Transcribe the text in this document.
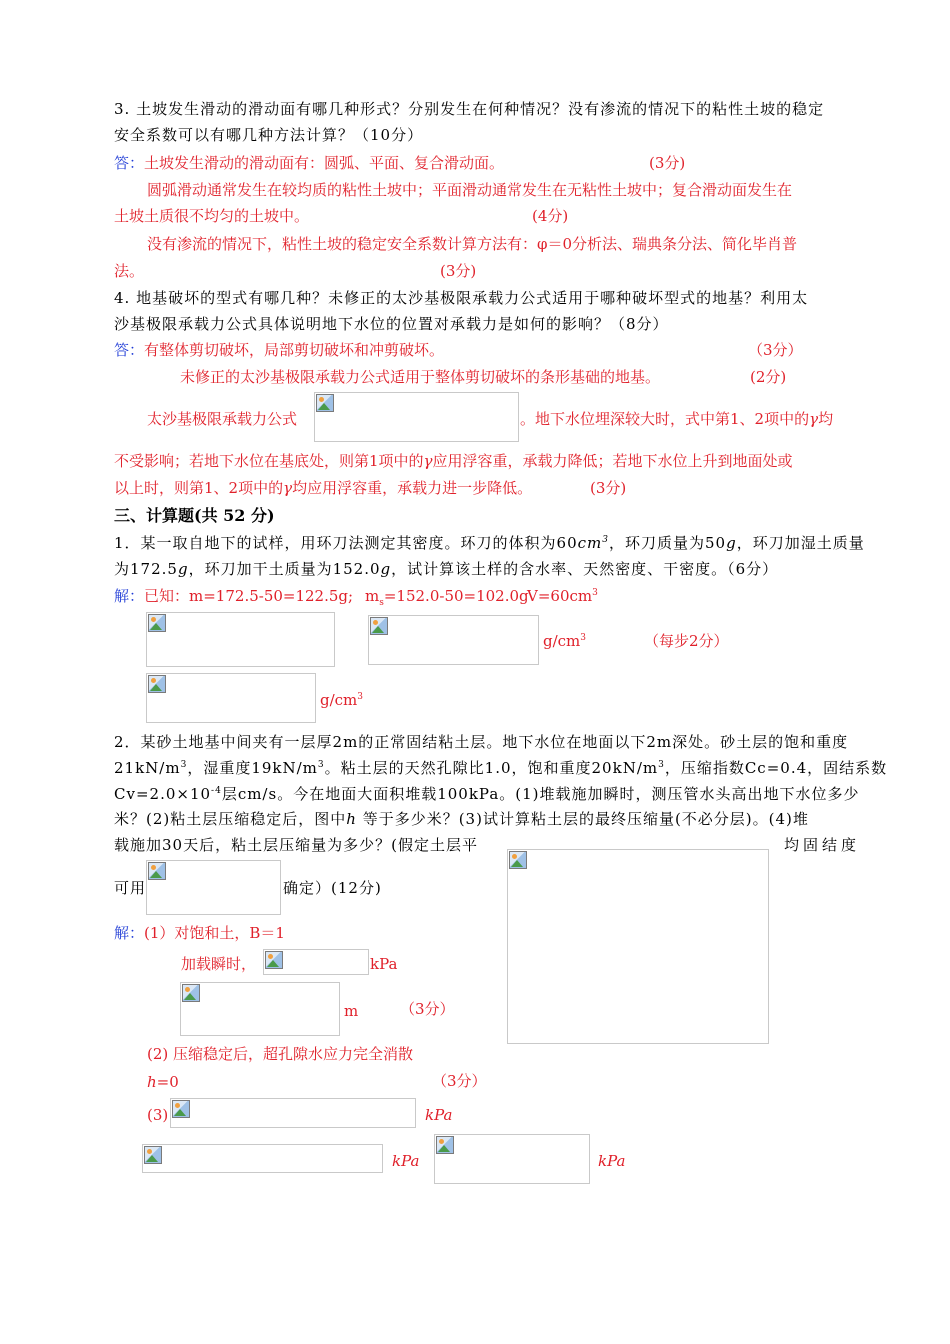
3. 土坡发生滑动的滑动面有哪几种形式？分别发生在何种情况？没有渗流的情况下的粘性土坡的稳定
安全系数可以有哪几种方法计算？（10分）
答：土坡发生滑动的滑动面有：圆弧、平面、复合滑动面。	(3分)
圆弧滑动通常发生在较均质的粘性土坡中；平面滑动通常发生在无粘性土坡中；复合滑动面发生在
土坡土质很不均匀的土坡中。	(4分)
没有渗流的情况下，粘性土坡的稳定安全系数计算方法有：φ＝0分析法、瑞典条分法、简化毕肖普
法。	(3分)
4. 地基破坏的型式有哪几种？未修正的太沙基极限承载力公式适用于哪种破坏型式的地基？利用太
沙基极限承载力公式具体说明地下水位的位置对承载力是如何的影响？（8分）
答：有整体剪切破坏，局部剪切破坏和冲剪破坏。	（3分）
未修正的太沙基极限承载力公式适用于整体剪切破坏的条形基础的地基。	(2分)
太沙基极限承载力公式	。地下水位埋深较大时，式中第1、2项中的γ均
不受影响；若地下水位在基底处，则第1项中的γ应用浮容重，承载力降低；若地下水位上升到地面处或
以上时，则第1、2项中的γ均应用浮容重，承载力进一步降低。	(3分)
三、计算题(共 52 分)
1．某一取自地下的试样，用环刀法测定其密度。环刀的体积为$60cm^3$，环刀质量为50g，环刀加湿土质量
为172.5g，环刀加干土质量为152.0g，试计算该土样的含水率、天然密度、干密度。（6分）
解：已知：m=172.5-50=122.5g; $m_s=152.0-50=102.0g$
$V=60cm^3$
$g/cm^3$	（每步2分）
$g/cm^3$
2．某砂土地基中间夹有一层厚2m的正常固结粘土层。地下水位在地面以下2m深处。砂土层的饱和重度
$21kN/m^3$，湿重度$19kN/m^3$。粘土层的天然孔隙比1.0，饱和重度$20kN/m^3$，压缩指数Cc=0.4，固结系数
$Cv=2.0\times 10^{-4}$层cm/s。今在地面大面积堆载100kPa。(1)堆载施加瞬时，测压管水头高出地下水位多少
米？(2)粘土层压缩稳定后，图中h 等于多少米？(3)试计算粘土层的最终压缩量(不必分层)。(4)堆
载施加30天后，粘土层压缩量为多少？(假定土层平	均固结度
可用	确定）(12分)
解：(1）对饱和土，B＝1
加载瞬时，	kPa
m	（3分）
(2) 压缩稳定后，超孔隙水应力完全消散
h=0	（3分）
(3)	kPa
kPa	kPa
